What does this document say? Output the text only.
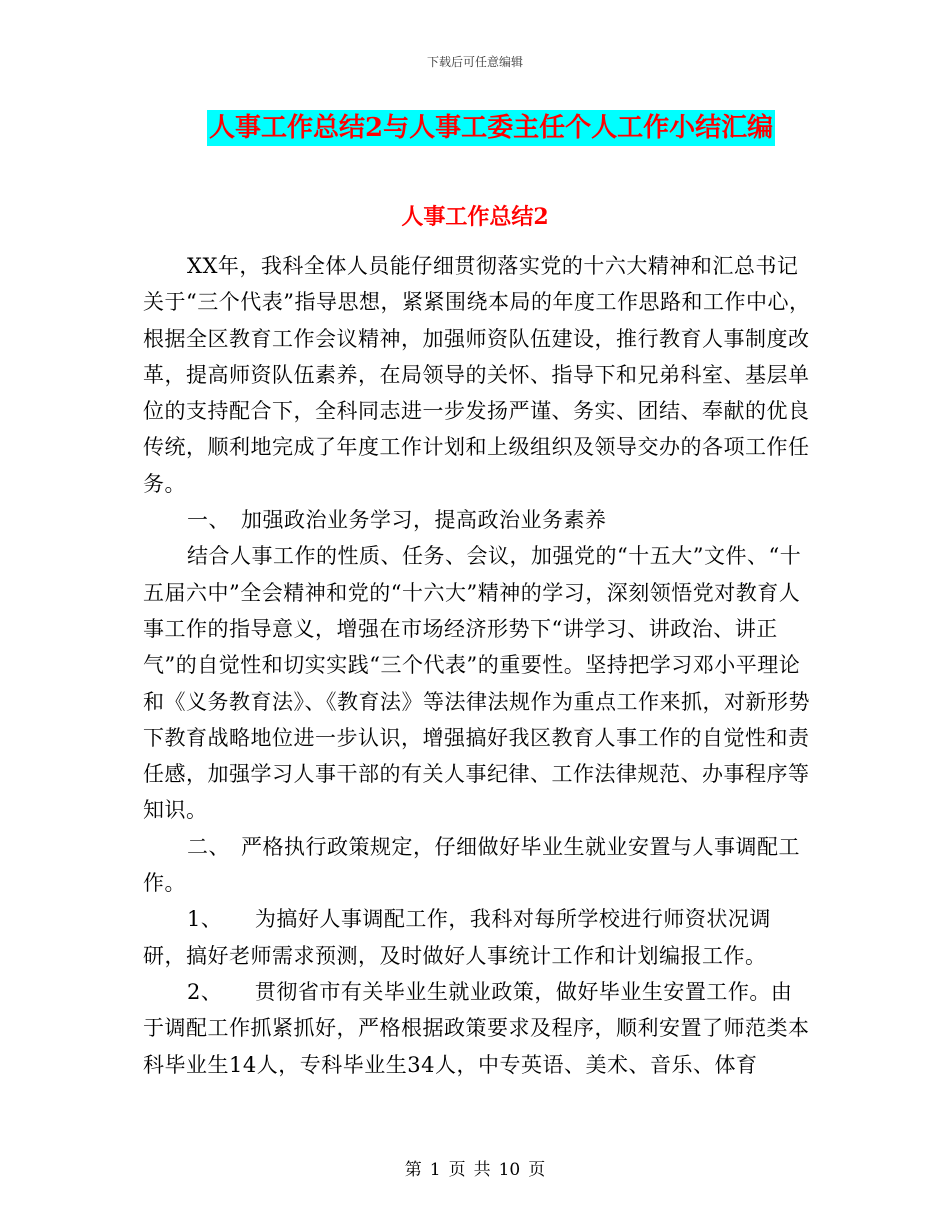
下载后可任意编辑
人事工作总结2与人事工委主任个人工作小结汇编
人事工作总结2

XX年，我科全体人员能仔细贯彻落实党的十六大精神和汇总书记关于“三个代表”指导思想，紧紧围绕本局的年度工作思路和工作中心，根据全区教育工作会议精神，加强师资队伍建设，推行教育人事制度改革，提高师资队伍素养，在局领导的关怀、指导下和兄弟科室、基层单位的支持配合下，全科同志进一步发扬严谨、务实、团结、奉献的优良传统，顺利地完成了年度工作计划和上级组织及领导交办的各项工作任务。

一、　加强政治业务学习，提高政治业务素养

结合人事工作的性质、任务、会议，加强党的“十五大”文件、“十五届六中”全会精神和党的“十六大”精神的学习，深刻领悟党对教育人事工作的指导意义，增强在市场经济形势下“讲学习、讲政治、讲正气”的自觉性和切实实践“三个代表”的重要性。坚持把学习邓小平理论和《义务教育法》、《教育法》等法律法规作为重点工作来抓，对新形势下教育战略地位进一步认识，增强搞好我区教育人事工作的自觉性和责任感，加强学习人事干部的有关人事纪律、工作法律规范、办事程序等知识。

二、　严格执行政策规定，仔细做好毕业生就业安置与人事调配工作。

1、　　为搞好人事调配工作，我科对每所学校进行师资状况调研，搞好老师需求预测，及时做好人事统计工作和计划编报工作。

2、　　贯彻省市有关毕业生就业政策，做好毕业生安置工作。由于调配工作抓紧抓好，严格根据政策要求及程序，顺利安置了师范类本科毕业生14人，专科毕业生34人，中专英语、美术、音乐、体育

第 1 页 共 10 页
